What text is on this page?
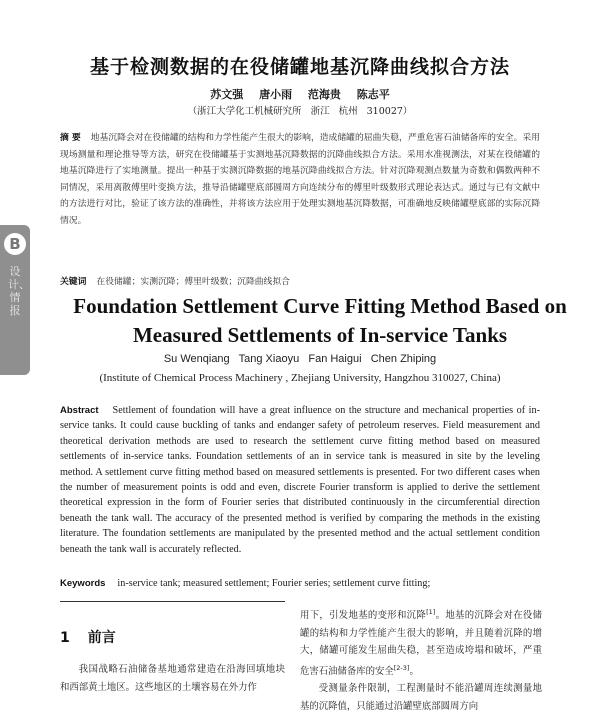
基于检测数据的在役储罐地基沉降曲线拟合方法
苏文强 唐小雨 范海贵 陈志平
（浙江大学化工机械研究所 浙江 杭州 310027）
摘 要 地基沉降会对在役储罐的结构和力学性能产生很大的影响，造成储罐的屈曲失稳，严重危害石油储备库的安全。采用现场测量和理论推导等方法，研究在役储罐基于实测地基沉降数据的沉降曲线拟合方法。采用水准视测法，对某在役储罐的地基沉降进行了实地测量。提出一种基于实测沉降数据的地基沉降曲线拟合方法。针对沉降观测点数量为奇数和偶数两种不同情况，采用离散傅里叶变换方法，推导沿储罐壁底部圆周方向连续分布的傅里叶级数形式理论表达式。通过与已有文献中的方法进行对比，验证了该方法的准确性，并将该方法应用于处理实测地基沉降数据，可准确地反映储罐壁底部的实际沉降情况。
关键词 在役储罐；实测沉降；傅里叶级数；沉降曲线拟合
B
设计、情报	Foundation Settlement Curve Fitting Method Based on
Measured Settlements of In-service Tanks
Su Wenqiang   Tang Xiaoyu   Fan Haigui   Chen Zhiping
(Institute of Chemical Process Machinery , Zhejiang University, Hangzhou 310027, China)
Abstract Settlement of foundation will have a great influence on the structure and mechanical properties of in-service tanks. It could cause buckling of tanks and endanger safety of petroleum reserves. Field measurement and theoretical derivation methods are used to research the settlement curve fitting method based on measured settlements of in-service tanks. Foundation settlements of an in service tank is measured in site by the leveling method. A settlement curve fitting method based on measured settlements is presented. For two different cases when the number of measurement points is odd and even, discrete Fourier transform is applied to derive the settlement theoretical expression in the form of Fourier series that distributed continuously in the circumferential direction beneath the tank wall. The accuracy of the presented method is verified by comparing the methods in the existing literature. The foundation settlements are manipulated by the presented method and the actual settlement condition beneath the tank wall is accurately reflected.
Keywords in-service tank; measured settlement; Fourier series; settlement curve fitting;
1 前言
我国战略石油储备基地通常建造在沿海回填地块和西部黄土地区。这些地区的土壤容易在外力作

用下，引发地基的变形和沉降[1]。地基的沉降会对在役储罐的结构和力学性能产生很大的影响，并且随着沉降的增大，储罐可能发生屈曲失稳，甚至造成垮塌和破坏，严重危害石油储备库的安全[2-3]。

受测量条件限制，工程测量时不能沿罐周连续测量地基的沉降值，只能通过沿罐壁底部圆周方向
